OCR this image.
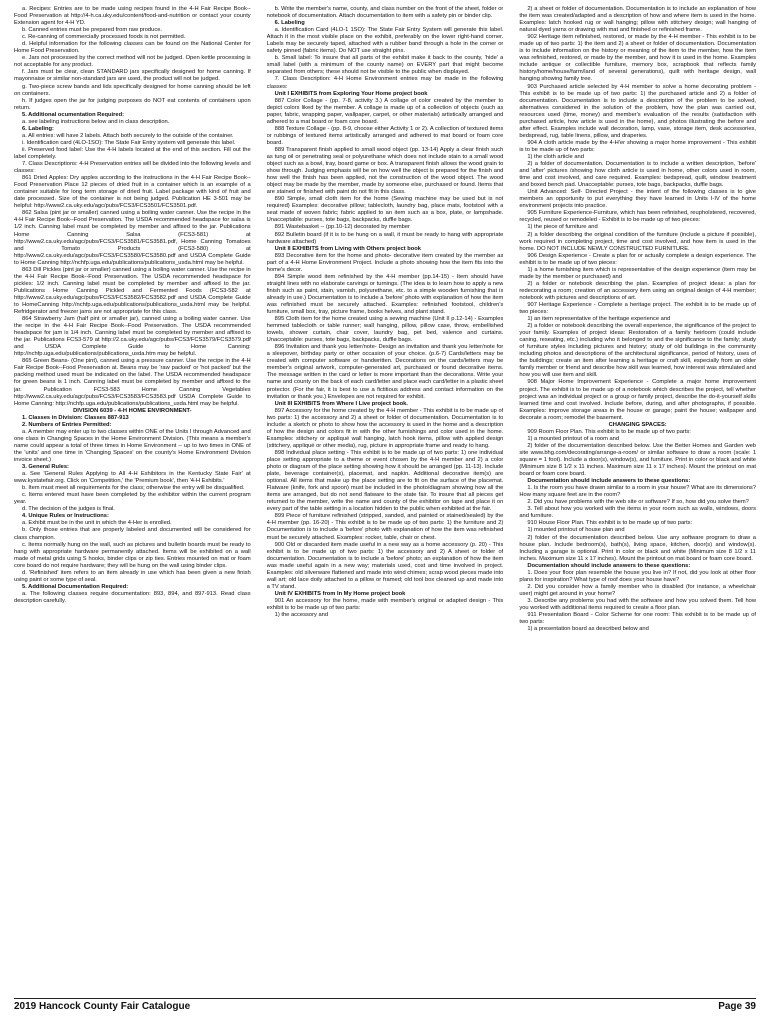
a. Recipes: Entries are to be made using recipes found in the 4-H Fair Recipe Book--Food Preservation at http://4-h.ca.uky.edu/content/food-and-nutrition or contact your county Extension agent for 4-H YD.

b. Canned entries must be prepared from raw produce.

c. Re-canning of commercially processed foods is not permitted.

d. Helpful information for the following classes can be found on the National Center for Home Food Preservation.

e. Jars not processed by the correct method will not be judged. Open kettle processing is not acceptable for any product.

f. Jars must be clear, clean STANDARD jars specifically designed for home canning. If mayonnaise or similar non-standard jars are used, the product will not be judged.

g. Two-piece screw bands and lids specifically designed for home canning should be left on containers.

h. If judges open the jar for judging purposes do NOT eat contents of containers upon return.

5. Additional ocumentation Required:

a. see labeling instructions below and in class description.

6. Labeling:

a. All entries: will have 2 labels. Attach both securely to the outside of the container.

i. Identification card (4LO-1SO): The State Fair Entry system will generate this label.

ii. Preserved food label: Use the 4-H labels located at the end of this section. Fill out the label completely.

7. Class Descriptions: 4-H Preservation entries will be divided into the following levels and classes:

861 Dried Apples: Dry apples according to the instructions in the 4-H Fair Recipe Book--Food Preservation Place 12 pieces of dried fruit in a container which is an example of a container suitable for long term storage of dried fruit. Label package with kind of fruit and date processed. Size of the container is not being judged. Publication HE 3-501 may be helpful: http://www2.ca.uky.edu/agc/pubs/FCS3/FCS3501/FCS3501.pdf.

862 Salsa (pint jar or smaller) canned using a boiling water canner. Use the recipe in the 4-H Fair Recipe Book--Food Preservation. The USDA recommended headspace for salsa is 1/2 inch. Canning label must be completed by member and affixed to the jar. Publications Home Canning Salsa (FCS3-581) at http://www2.ca.uky.edu/agc/pubs/FCS3/FCS3581/FCS3581.pdf, Home Canning Tomatoes and Tomato Products (FCS3-580) at http://www2.ca.uky.edu/agc/pubs/FCS3/FCS3580/FCS3580.pdf and USDA Complete Guide to Home Canning http://nchfp.uga.edu/publications/publications_usda.html may be helpful.

863 Dill Pickles (pint jar or smaller) canned using a boiling water canner. Use the recipe in the 4-H Fair Recipe Book--Food Preservation. The USDA recommended headspace for pickles: 1/2 inch. Canning label must be completed by member and affixed to the jar. Publications Home Canning Pickled and Fermented Foods (FCS3-582 at http://www2.ca.uky.edu/agc/pubs/FCS3/FCS3582/FCS3582.pdf and USDA Complete Guide to HomeCanning http://nchfp.uga.edu/publications/publications_usda.html may be helpful. Refridgerator and freezer jams are not appropriate for this class.

864 Strawberry Jam (half pint or smaller jar), canned using a boiling water canner. Use the recipe in the 4-H Fair Recipe Book--Food Preservation. The USDA recommended headspace for jam is 1/4 inch. Canning label must be completed by member and affixed to the jar. Publications FCS3-579 at http://2.ca.uky.edu/agc/pubs/FCS3/FCS3579/FCS3579.pdf and USDA Complete Guide to Home Canning: http://nchfp.uga.edu/publications/publications_usda.htm may be helpful.

865 Green Beans- (One pint), canned using a pressure canner. Use the recipe in the 4-H Fair Recipe Book--Food Preservation at. Beans may be 'raw packed' or 'hot packed' but the packing method used must be indicated on the label. The USDA recommended headspace for green beans is 1 inch. Canning label must be completed by member and affixed to the jar. Publication FCS3-583 Home Canning Vegetables http://www2.ca.uky.edu/agc/pubs/FCS3/FCS3583/FCS3583.pdf USDA Complete Guide to Home Canning: http://nchfp.uga.edu/publications/publications_usda.html may be helpful.

DIVISION 6039 - 4-H HOME ENVIRONMENT-

1. Classes in Division: Classes 887-913

2. Numbers of Entries Permitted:

a. A member may enter up to two classes within ONE of the Units I through Advanced and one class in Changing Spaces in the Home Environment Division. (This means a member's name could appear a total of three times in Home Environment -- up to two times in ONE of the 'units' and one time in 'Changing Spaces' on the county's Home Environment Division invoice sheet.)

3. General Rules:

a. See 'General Rules Applying to All 4-H Exhibitors in the Kentucky State Fair' at www.kystatefair.org. Click on 'Competition,' the 'Premium book', then '4-H Exhibits.'

b. Item must meet all requirements for the class; otherwise the entry will be disqualified.

c. Items entered must have been completed by the exhibitor within the current program year.

d. The decision of the judges is final.

4. Unique Rules or Instructions:

a. Exhibit must be in the unit in which the 4-Her is enrolled.

b. Only those entries that are properly labeled and documented will be considered for class champion.

c. Items normally hung on the wall, such as pictures and bulletin boards must be ready to hang with appropriate hardware permanently attached. Items will be exhibited on a wall made of metal grids using S hooks, binder clips or zip ties. Entries mounted on mat or foam core board do not require hardware; they will be hung on the wall using binder clips.

d. 'Refinished' item refers to an item already in use which has been given a new finish using paint or some type of seal.

5. Additional Documentation Required:

a. The following classes require documentation: 893, 894, and 897-913. Read class description carefully.

b. Write the member's name, county, and class number on the front of the sheet, folder or notebook of documentation. Attach documentation to item with a safety pin or binder clip.

6. Labeling

a. Identification Card (4LO-1 1SO): The State Fair Entry System will generate this label. Attach it in the most visible place on the exhibit, preferably on the lower right-hand corner. Labels may be securely taped, attached with a rubber band through a hole in the corner or safety pinned (fabric items). Do NOT use straight pins.

b. Small label: To insure that all parts of the exhibit make it back to the county, 'hide' a small label (with a minimum of the county name) on EVERY part that might become separated from others; these should not be visible to the public when displayed.

7. Class Description: 4-H Home Environment entries may be made in the following classes:

Unit I EXHIBITS from Exploring Your Home project book

887 Color Collage - (pp. 7-8, activity 3.) A collage of color created by the member to depict colors liked by the member. A collage is made up of a collection of objects (such as paper, fabric, wrapping paper, wallpaper, carpet, or other materials) artistically arranged and adhered to a mat board or foam core board.

888 Texture Collage - (pp. 8-9, choose either Activity 1 or 2). A collection of textured items or rubbings of textured items artistically arranged and adhered to mat board or foam core board.

889 Transparent finish applied to small wood object (pp. 13-14) Apply a clear finish such as tung oil or penetrating seal or polyurethane which does not include stain to a small wood object such as a bowl, tray, board game or box. A transparent finish allows the wood grain to show through. Judging emphasis will be on how well the object is prepared for the finish and how well the finish has been applied, not the construction of the wood object. The wood object may be made by the member, made by someone else, purchased or found. Items that are stained or finished with paint do not fit in this class.

890 Simple, small cloth item for the home (Sewing machine may be used but is not required) Examples: decorative pillow; tablecloth, laundry bag, place mats, footstool with a seat made of woven fabric; fabric applied to an item such as a box, plate, or lampshade. Unacceptable: purses, tote bags, backpacks, duffle bags.

891 Wastebasket -- (pp.10-12) decorated by member

892 Bulletin board (if it is to be hung on a wall, it must be ready to hang with appropriate hardware attached)

Unit II EXHIBITS from Living with Others project book

893 Decorative item for the home and photo- decorative item created by the member as part of a 4-H Home Environment Project. Include a photo showing how the item fits into the home's decor.

894 Simple wood item refinished by the 4-H member (pp.14-15) - Item should have straight lines with no elaborate carvings or turnings. (The idea is to learn how to apply a new finish such as paint, stain, varnish, polyurethane, etc. to a simple wooden furnishing that is already in use.) Documentation is to include a 'before' photo with explanation of how the item was refinished must be securely attached. Examples: refinished footstool, children's furniture, small box, tray, picture frame, books helves, and plant stand.

895 Cloth item for the home created using a sewing machine (Unit II p.12-14) - Examples hemmed tablecloth or table runner; wall hanging, pillow, pillow case, throw, embellished towels, shower curtain, chair cover, laundry bag, pet bed, valence and curtains. Unacceptable: purses, tote bags, backpacks, duffle bags.

896 Invitation and thank you letter/note- Design an invitation and thank you letter/note for a sleepover, birthday party or other occasion of your choice. (p.6-7) Cards/letters may be created with computer software or handwritten. Decorations on the cards/letters may be member's original artwork, computer-generated art, purchased or found decorative items. The message written in the card or letter is more important than the decorations. Write your name and county on the back of each card/letter and place each card/letter in a plastic sheet protector. (For the fair, it is best to use a fictitious address and contact information on the invitation or thank you.) Envelopes are not required for exhibit.

Unit III EXHIBITS from Where I Live project book.

897 Accessory for the home created by the 4-H member - This exhibit is to be made up of two parts: 1) the accessory and 2) a sheet or folder of documentation. Documentation is to include: a sketch or photo to show how the accessory is used in the home and a description of how the design and colors fit in with the other furnishings and color used in the home. Examples: stitchery or appliqué wall hanging, latch hook items, pillow with applied design (stitchery, appliqué or other media), rug, picture in appropriate frame and ready to hang.

898 Individual place setting - This exhibit is to be made up of two parts: 1) one individual place setting appropriate to a theme or event chosen by the 4-H member and 2) a color photo or diagram of the place setting showing how it should be arranged (pp. 11-13). Include plate, beverage container(s), placemat, and napkin. Additional decorative item(s) are optional. All items that make up the place setting are to fit on the surface of the placemat. Flatware (knife, fork and spoon) must be included in the photo/diagram showing how all the items are arranged, but do not send flatware to the state fair. To insure that all pieces get returned to the member, write the name and county of the exhibitor on tape and place it on every part of the table setting in a location hidden to the public when exhibited at the fair.

899 Piece of furniture refinished (stripped, sanded, and painted or stained/sealed) by the 4-H member (pp. 16-20) - This exhibit is to be made up of two parts: 1) the furniture and 2) Documentation is to include a 'before' photo with explanation of how the item was refinished must be securely attached. Examples: rocker, table, chair or chest.

900 Old or discarded item made useful in a new way as a home accessory (p. 20) - This exhibit is to be made up of two parts: 1) the accessory and 2) A sheet or folder of documentation. Documentation is to include a 'before' photo; an explanation of how the item was made useful again in a new way; materials used, cost and time involved in project. Examples: old silverware flattened and made into wind chimes; scrap wood pieces made into wall art; old lace doily attached to a pillow or framed; old tool box cleaned up and made into a TV stand.

Unit IV EXHIBITS from In My Home project book

901 An accessory for the home, made with member's original or adapted design - This exhibit is to be made up of two parts:

1) the accessory and

2) a sheet or folder of documentation. Documentation is to include an explanation of how the item was created/adapted and a description of how and where item is used in the home. Examples: latch hooked rug or wall hanging; pillow with stitchery design; wall hanging of natural dyed yarns or drawing with mat and finished or refinished frame.

902 Heritage item refinished, restored, or made by the 4-H member - This exhibit is to be made up of two parts: 1) the item and 2) a sheet or folder of documentation. Documentation is to include information on the history or meaning of the item to the member, how the item was refinished, restored, or made by the member, and how it is used in the home. Examples include antique or collectible furniture, memory box, scrapbook that reflects family history/home/house/farm/land of several generations), quilt with heritage design, wall hanging showing family tree.

903 Purchased article selected by 4-H member to solve a home decorating problem - This exhibit is to be made up of two parts: 1) the purchased article and 2) a folder of documentation. Documentation is to include a description of the problem to be solved, alternatives considered in the solution of the problem, how the plan was carried out, resources used (time, money) and member's evaluation of the results (satisfaction with purchased article, how article is used in the home), and photos illustrating the before and after effect. Examples include wall decoration, lamp, vase, storage item, desk accessories, bedspread, rug, table linens, pillow, and draperies.

904 A cloth article made by the 4-H'er showing a major home improvement - This exhibit is to be made up of two parts:

1) the cloth article and

2) a folder of documentation. Documentation is to include a written description, 'before' and 'after' pictures /showing how cloth article is used in home, other colors used in room, time and cost involved, and care required. Examples: bedspread, quilt, window treatment and boxed bench pad. Unacceptable: purses, tote bags, backpacks, duffle bags.

Unit Advanced: Self- Directed Project - the intent of the following classes is to give members an opportunity to put everything they have learned in Units I-IV of the home environment projects into practice.

905 Furniture Experience-Furniture, which has been refinished, reupholstered, recovered, recycled, reused or remodeled - Exhibit is to be made up of two pieces:

1) the piece of furniture and

2) a folder describing the original condition of the furniture (include a picture if possible), work required in completing project, time and cost involved, and how item is used in the home. DO NOT INCLUDE NEWLY CONSTRUCTED FURNITURE.

906 Design Experience - Create a plan for or actually complete a design experience. The exhibit is to be made up of two pieces:

1) a home furnishing item which is representative of the design experience (item may be made by the member or purchased) and

2) a folder or notebook describing the plan. Examples of project ideas: a plan for redecorating a room; creation of an accessory item using an original design of 4-H member; notebook with pictures and descriptions of art.

907 Heritage Experience - Complete a heritage project. The exhibit is to be made up of two pieces:

1) an item representative of the heritage experience and

2) a folder or notebook describing the overall experience, the significance of the project to your family. Examples of project ideas: Restoration of a family heirloom (could include caning, reseating, etc.) including who it belonged to and the significance to the family; study of furniture styles including pictures and history; study of old buildings in the community including photos and descriptions of the architectural significance, period of history, uses of the buildings; create an item after learning a heritage or craft skill, especially from an older family member or friend and describe how skill was learned, how interest was stimulated and how you will use item and skill.

908 Major Home Improvement Experience - Complete a major home improvement project. The exhibit is to be made up of a notebook which describes the project, tell whether project was an individual project or a group or family project, describe the do-it-yourself skills learned time and cost involved. Include before, during, and after photographs, if possible. Examples: improve storage areas in the house or garage; paint the house; wallpaper and decorate a room; remodel the basement.

CHANGING SPACES:

909 Room Floor Plan. This exhibit is to be made up of two parts:

1) a mounted printout of a room and

2) folder of the documentation described below. Use the Better Homes and Garden web site www.bhg.com/decorating/arrange-a-room/ or similar software to draw a room (scale: 1 square = 1 foot). Include a door(s), window(s), and furniture. Print in color or black and white (Minimum size 8 1/2 x 11 inches. Maximum size 11 x 17 inches). Mount the printout on mat board or foam core board.

Documentation should include answers to these questions:

1. Is the room you have drawn similar to a room in your house? What are its dimensions? How many square feet are in the room?

2. Did you have problems with the web site or software? If so, how did you solve them?

3. Tell about how you worked with the items in your room such as walls, windows, doors and furniture.

910 House Floor Plan. This exhibit is to be made up of two parts:

1) mounted printout of house plan and

2) folder of the documentation described below. Use any software program to draw a house plan. Include bedroom(s), bath(s), living space, kitchen, door(s) and window(s). Including a garage is optional. Print in color or black and white (Minimum size 8 1/2 x 11 inches. Maximum size 11 x 17 inches). Mount the printout on mat board or foam core board.

Documentation should include answers to these questions:

1. Does your floor plan resemble the house you live in? If not, did you look at other floor plans for inspiration? What type of roof does your house have?

2. Did you consider how a family member who is disabled (for instance, a wheelchair user) might get around in your home?

3. Describe any problems you had with the software and how you solved them. Tell how you worked with additional items required to create a floor plan.

911 Presentation Board - Color Scheme for one room: This exhibit is to be made up of two parts:

1) a presentation board as described below and

2019 Hancock County Fair Catalogue	Page 39
